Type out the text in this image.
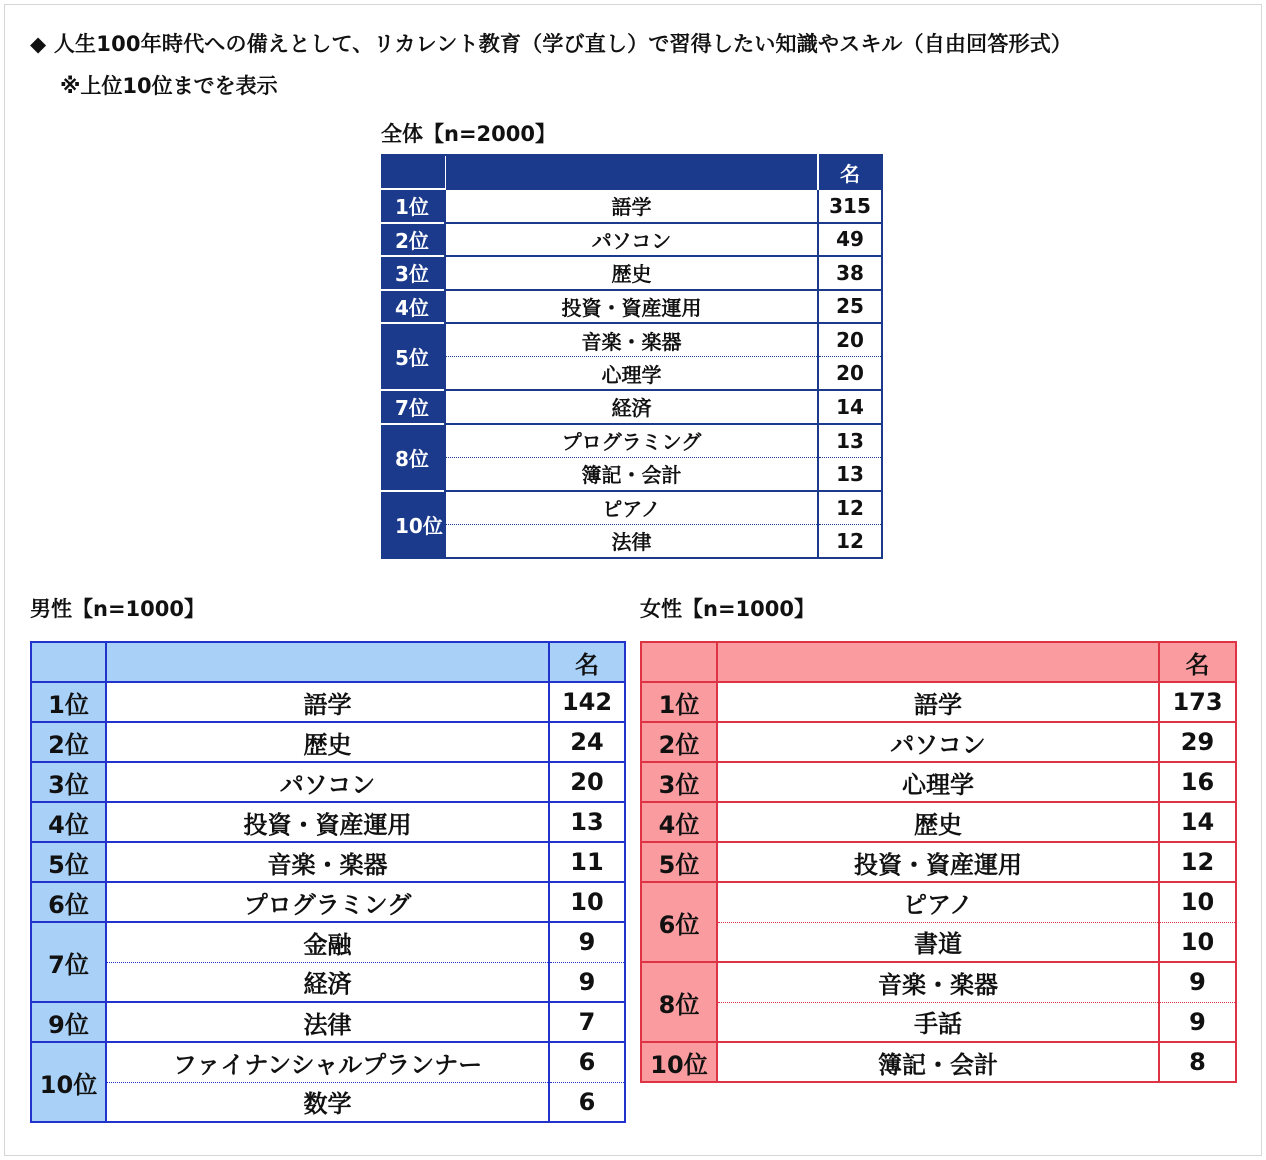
◆ 人生100年時代への備えとして、リカレント教育（学び直し）で習得したい知識やスキル（自由回答形式）
※上位10位までを表示
全体【n=2000】
		名
1位	語学	315
2位	パソコン	49
3位	歴史	38
4位	投資・資産運用	25
5位	音楽・楽器	20
	心理学	20
7位	経済	14
8位	プログラミング	13
	簿記・会計	13
10位	ピアノ	12
	法律	12
男性【n=1000】
		名
1位	語学	142
2位	歴史	24
3位	パソコン	20
4位	投資・資産運用	13
5位	音楽・楽器	11
6位	プログラミング	10
7位	金融	9
	経済	9
9位	法律	7
10位	ファイナンシャルプランナー	6
	数学	6
女性【n=1000】
		名
1位	語学	173
2位	パソコン	29
3位	心理学	16
4位	歴史	14
5位	投資・資産運用	12
6位	ピアノ	10
	書道	10
8位	音楽・楽器	9
	手話	9
10位	簿記・会計	8
